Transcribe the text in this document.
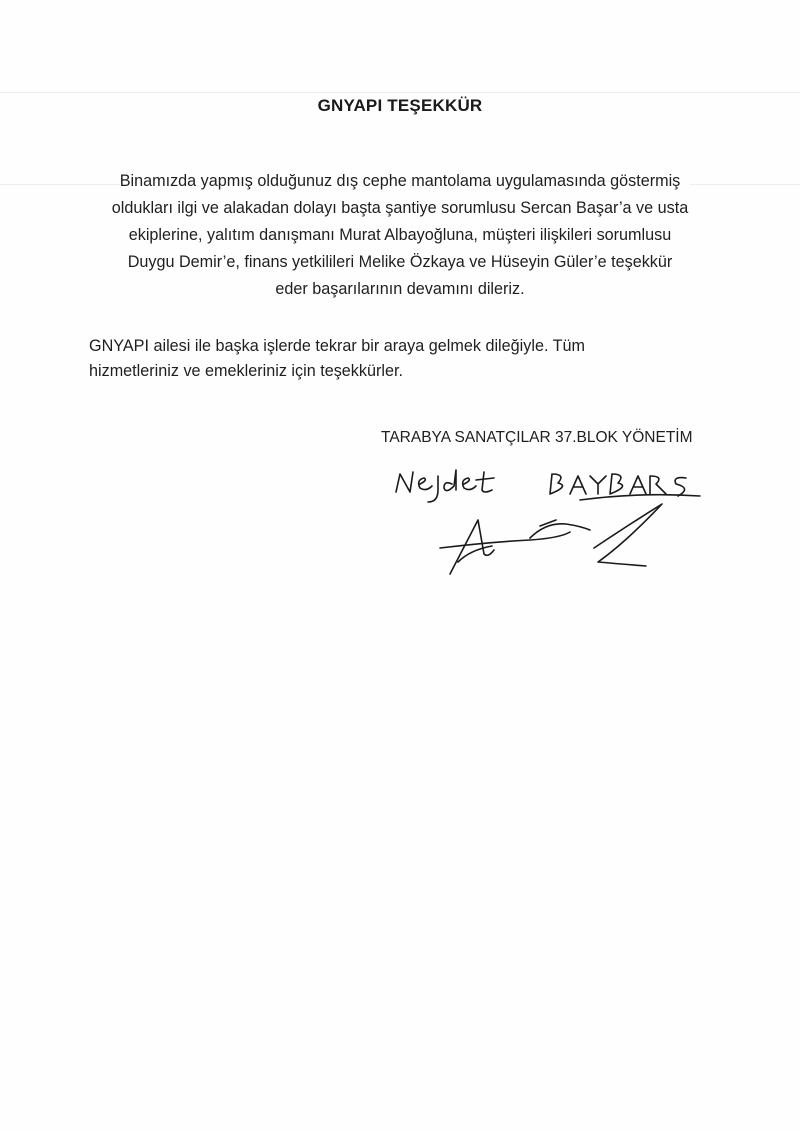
GNYAPI TEŞEKKÜR
Binamızda yapmış olduğunuz dış cephe mantolama uygulamasında göstermiş
oldukları ilgi ve alakadan dolayı başta şantiye sorumlusu Sercan Başar’a ve usta
ekiplerine, yalıtım danışmanı Murat Albayoğluna, müşteri ilişkileri sorumlusu
Duygu Demir’e, finans yetkilileri Melike Özkaya ve Hüseyin Güler’e teşekkür
eder başarılarının devamını dileriz.
GNYAPI ailesi ile başka işlerde tekrar bir araya gelmek dileğiyle. Tüm
hizmetleriniz ve emekleriniz için teşekkürler.
TARABYA SANATÇILAR 37.BLOK YÖNETİM
